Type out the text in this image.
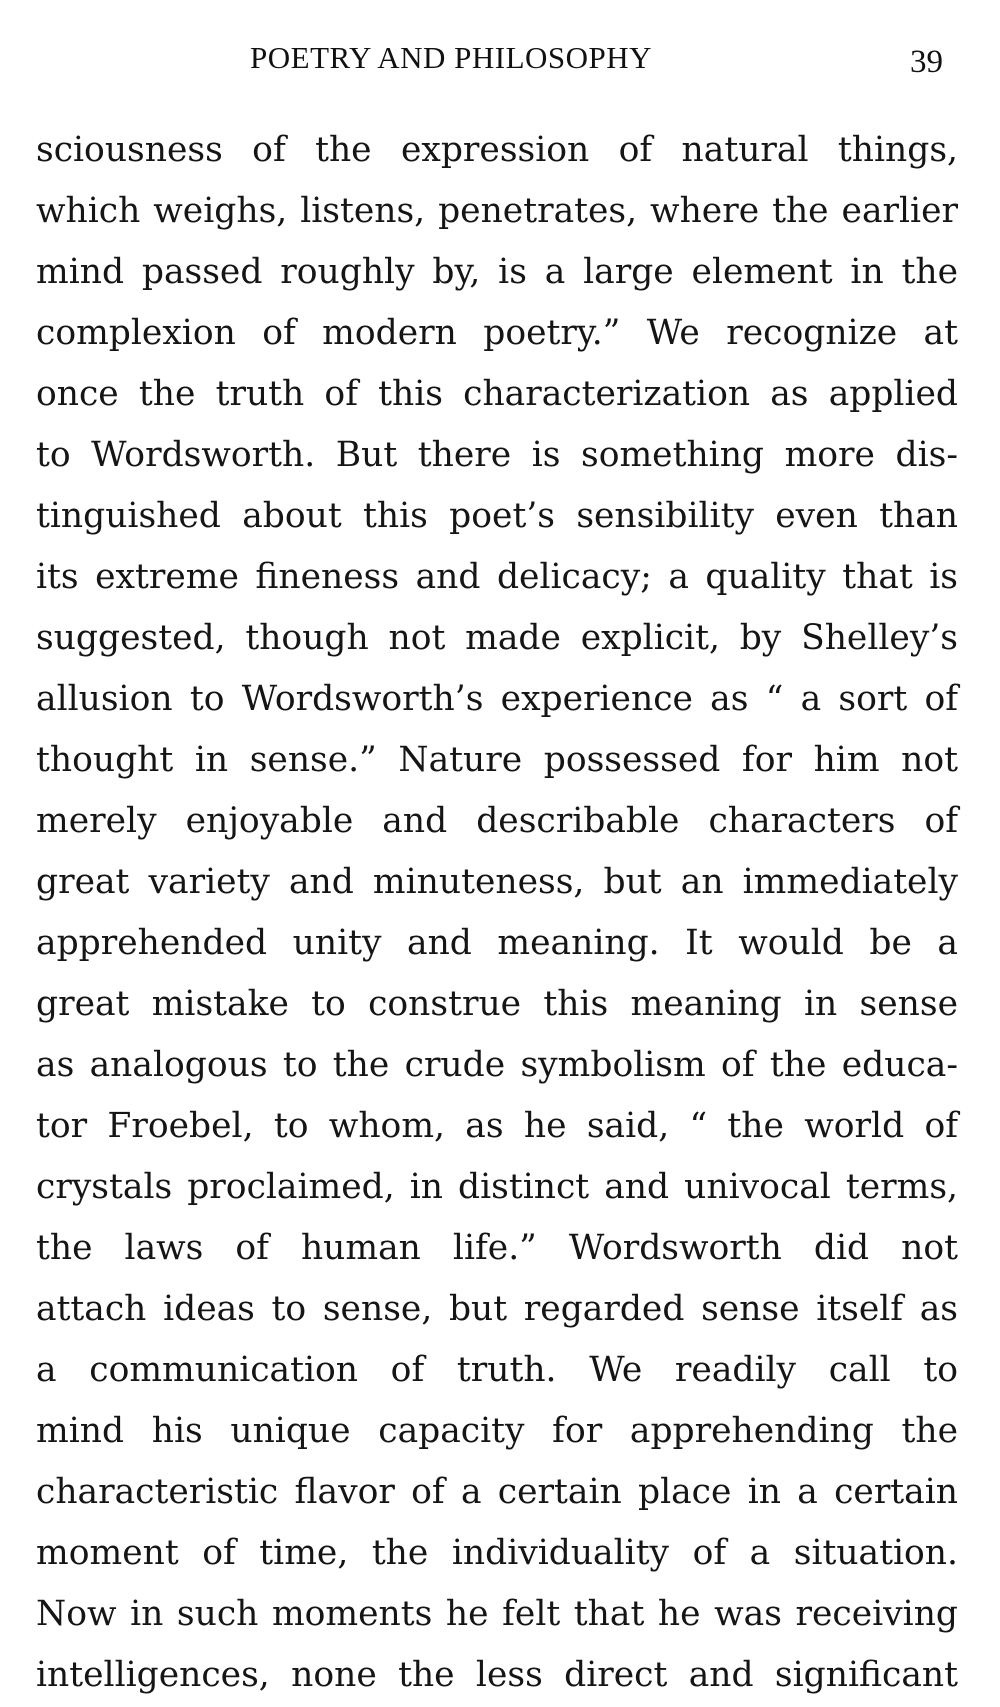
POETRY AND PHILOSOPHY	39
sciousness of the expression of natural things,
which weighs, listens, penetrates, where the earlier
mind passed roughly by, is a large element in the
complexion of modern poetry.” We recognize at
once the truth of this characterization as applied
to Wordsworth. But there is something more dis-
tinguished about this poet’s sensibility even than
its extreme fineness and delicacy; a quality that is
suggested, though not made explicit, by Shelley’s
allusion to Wordsworth’s experience as “ a sort of
thought in sense.” Nature possessed for him not
merely enjoyable and describable characters of
great variety and minuteness, but an immediately
apprehended unity and meaning. It would be a
great mistake to construe this meaning in sense
as analogous to the crude symbolism of the educa-
tor Froebel, to whom, as he said, “ the world of
crystals proclaimed, in distinct and univocal terms,
the laws of human life.” Wordsworth did not
attach ideas to sense, but regarded sense itself as
a communication of truth. We readily call to
mind his unique capacity for apprehending the
characteristic flavor of a certain place in a certain
moment of time, the individuality of a situation.
Now in such moments he felt that he was receiving
intelligences, none the less direct and significant
